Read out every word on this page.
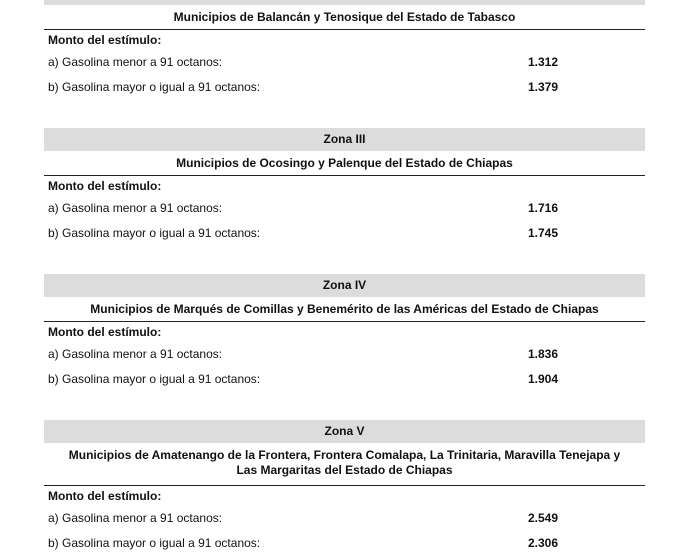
Municipios de Balancán y Tenosique del Estado de Tabasco
Monto del estímulo:
a) Gasolina menor a 91 octanos:	1.312
b) Gasolina mayor o igual a 91 octanos:	1.379
Zona III
Municipios de Ocosingo y Palenque del Estado de Chiapas
Monto del estímulo:
a) Gasolina menor a 91 octanos:	1.716
b) Gasolina mayor o igual a 91 octanos:	1.745
Zona IV
Municipios de Marqués de Comillas y Benemérito de las Américas del Estado de Chiapas
Monto del estímulo:
a) Gasolina menor a 91 octanos:	1.836
b) Gasolina mayor o igual a 91 octanos:	1.904
Zona V
Municipios de Amatenango de la Frontera, Frontera Comalapa, La Trinitaria, Maravilla Tenejapa y Las Margaritas del Estado de Chiapas
Monto del estímulo:
a) Gasolina menor a 91 octanos:	2.549
b) Gasolina mayor o igual a 91 octanos:	2.306
